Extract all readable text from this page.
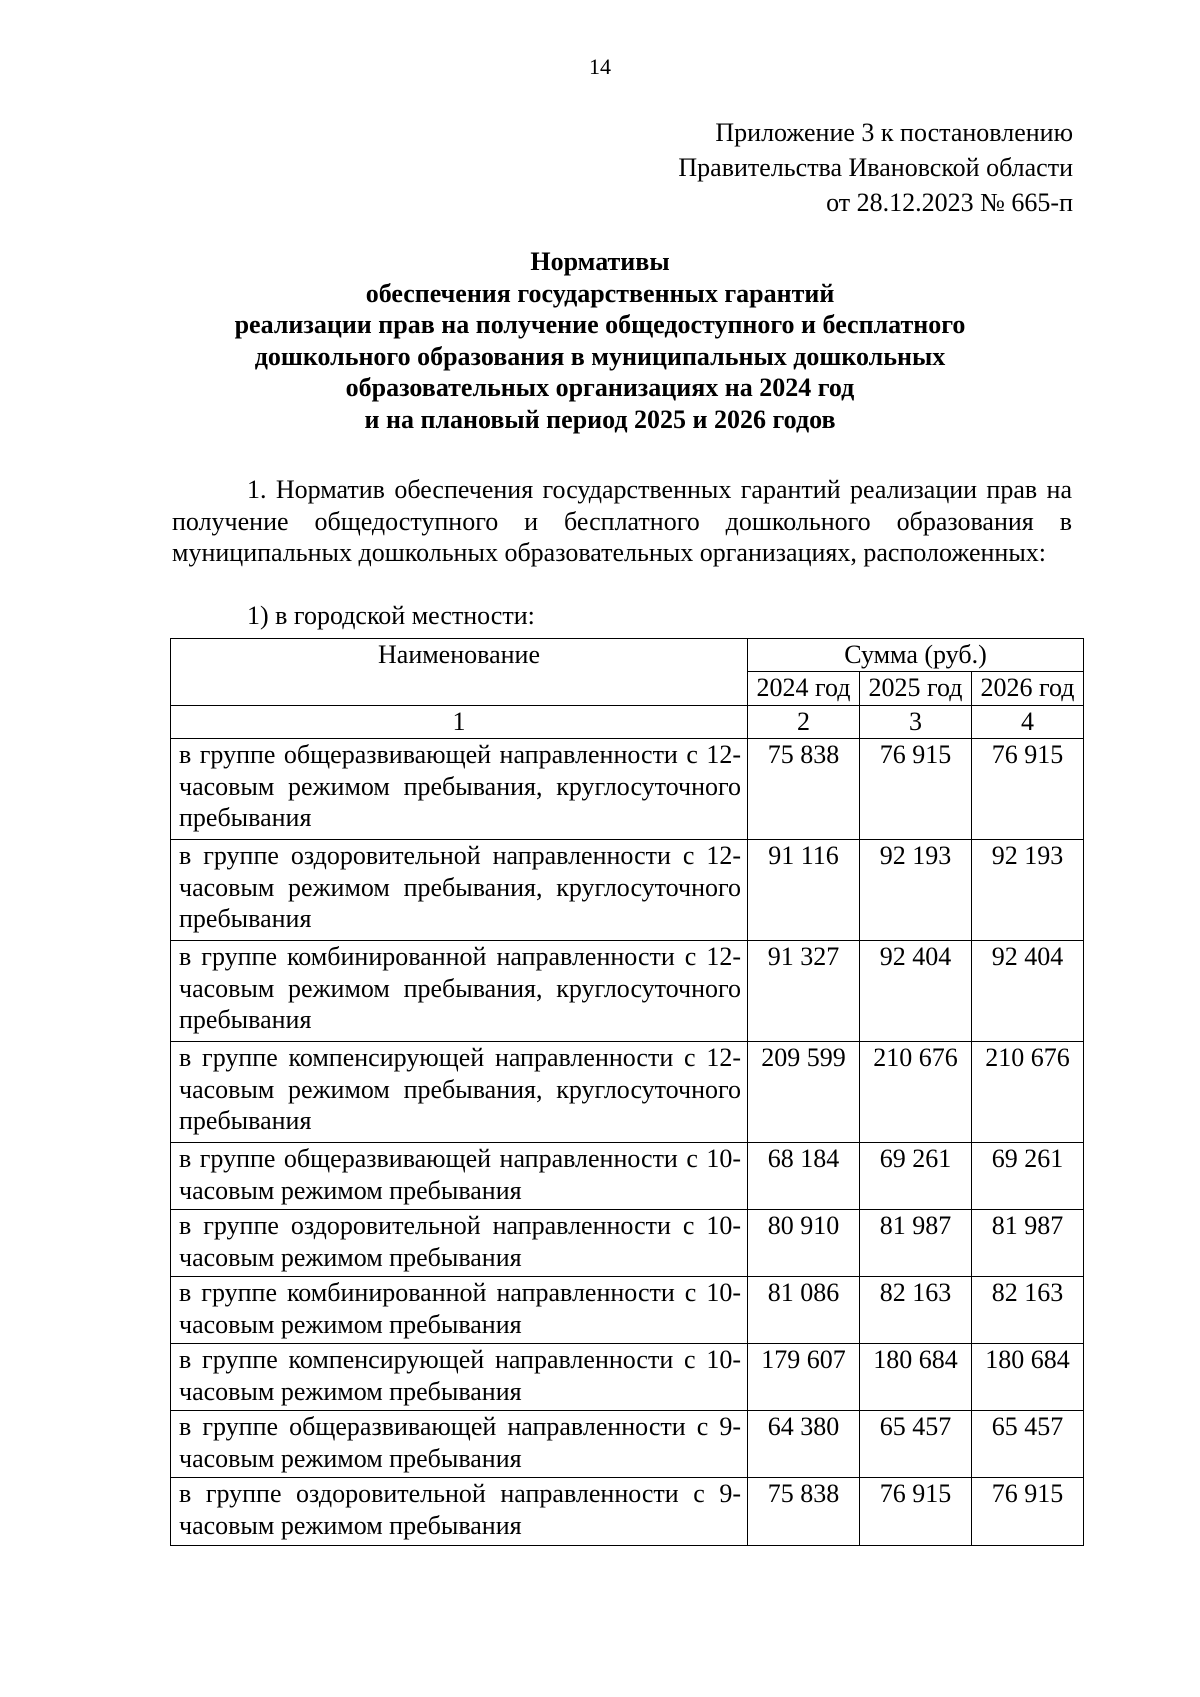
14
Приложение 3 к постановлению
Правительства Ивановской области
от 28.12.2023 № 665-п
Нормативы
обеспечения государственных гарантий
реализации прав на получение общедоступного и бесплатного
дошкольного образования в муниципальных дошкольных
образовательных организациях на 2024 год
и на плановый период 2025 и 2026 годов
1. Норматив обеспечения государственных гарантий реализации прав на получение общедоступного и бесплатного дошкольного образования в муниципальных дошкольных образовательных организациях, расположенных:
1) в городской местности:
Наименование	Сумма (руб.)		
	2024 год	2025 год	2026 год
1	2	3	4
в группе общеразвивающей направленности с 12-часовым режимом пребывания, круглосуточного пребывания	75 838	76 915	76 915
в группе оздоровительной направленности с 12-часовым режимом пребывания, круглосуточного пребывания	91 116	92 193	92 193
в группе комбинированной направленности с 12-часовым режимом пребывания, круглосуточного пребывания	91 327	92 404	92 404
в группе компенсирующей направленности с 12-часовым режимом пребывания, круглосуточного пребывания	209 599	210 676	210 676
в группе общеразвивающей направленности с 10-часовым режимом пребывания	68 184	69 261	69 261
в группе оздоровительной направленности с 10-часовым режимом пребывания	80 910	81 987	81 987
в группе комбинированной направленности с 10-часовым режимом пребывания	81 086	82 163	82 163
в группе компенсирующей направленности с 10-часовым режимом пребывания	179 607	180 684	180 684
в группе общеразвивающей направленности с 9-часовым режимом пребывания	64 380	65 457	65 457
в группе оздоровительной направленности с 9-часовым режимом пребывания	75 838	76 915	76 915
